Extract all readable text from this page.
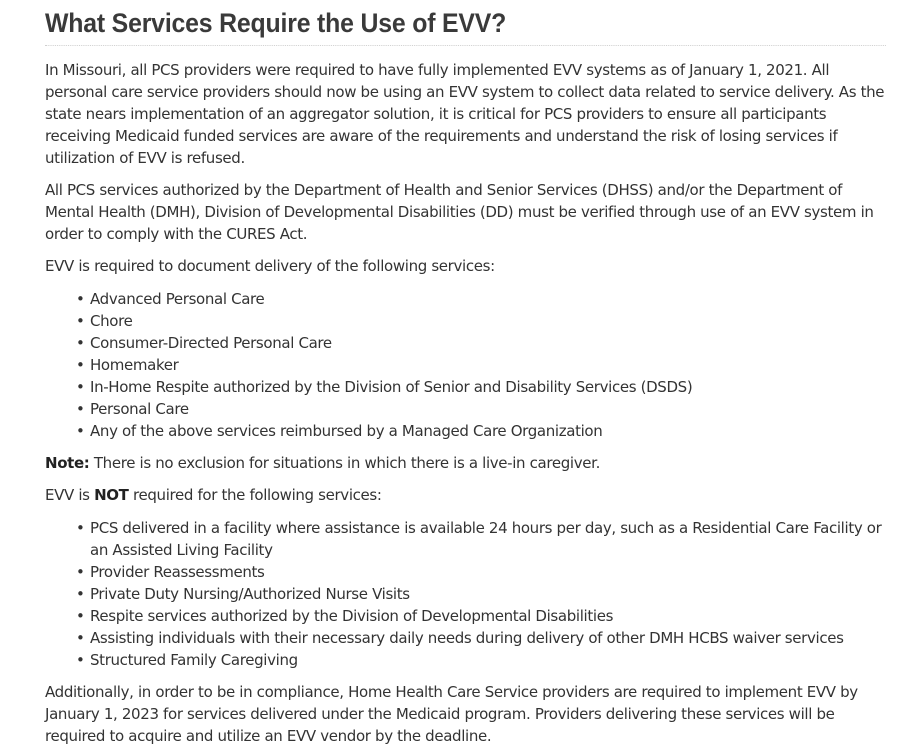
What Services Require the Use of EVV?

In Missouri, all PCS providers were required to have fully implemented EVV systems as of January 1, 2021. All personal care service providers should now be using an EVV system to collect data related to service delivery. As the state nears implementation of an aggregator solution, it is critical for PCS providers to ensure all participants receiving Medicaid funded services are aware of the requirements and understand the risk of losing services if utilization of EVV is refused.

All PCS services authorized by the Department of Health and Senior Services (DHSS) and/or the Department of Mental Health (DMH), Division of Developmental Disabilities (DD) must be verified through use of an EVV system in order to comply with the CURES Act.

EVV is required to document delivery of the following services:

• Advanced Personal Care
• Chore
• Consumer-Directed Personal Care
• Homemaker
• In-Home Respite authorized by the Division of Senior and Disability Services (DSDS)
• Personal Care
• Any of the above services reimbursed by a Managed Care Organization

Note: There is no exclusion for situations in which there is a live-in caregiver.

EVV is NOT required for the following services:

• PCS delivered in a facility where assistance is available 24 hours per day, such as a Residential Care Facility or an Assisted Living Facility
• Provider Reassessments
• Private Duty Nursing/Authorized Nurse Visits
• Respite services authorized by the Division of Developmental Disabilities
• Assisting individuals with their necessary daily needs during delivery of other DMH HCBS waiver services
• Structured Family Caregiving

Additionally, in order to be in compliance, Home Health Care Service providers are required to implement EVV by January 1, 2023 for services delivered under the Medicaid program. Providers delivering these services will be required to acquire and utilize an EVV vendor by the deadline.
